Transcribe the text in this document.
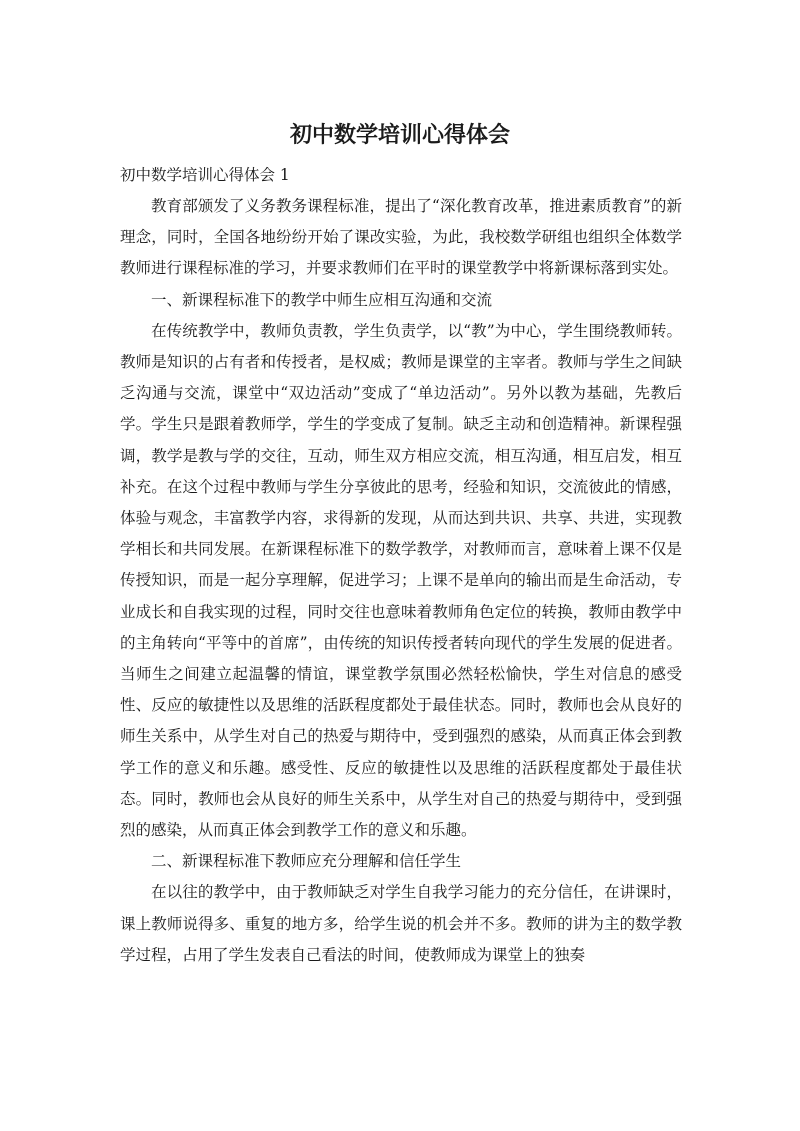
初中数学培训心得体会

初中数学培训心得体会 1

教育部颁发了义务教务课程标准，提出了“深化教育改革，推进素质教育”的新理念，同时，全国各地纷纷开始了课改实验，为此，我校数学研组也组织全体数学教师进行课程标准的学习，并要求教师们在平时的课堂教学中将新课标落到实处。

一、新课程标准下的教学中师生应相互沟通和交流

在传统教学中，教师负责教，学生负责学，以“教”为中心，学生围绕教师转。教师是知识的占有者和传授者，是权威；教师是课堂的主宰者。教师与学生之间缺乏沟通与交流，课堂中“双边活动”变成了“单边活动”。另外以教为基础，先教后学。学生只是跟着教师学，学生的学变成了复制。缺乏主动和创造精神。新课程强调，教学是教与学的交往，互动，师生双方相应交流，相互沟通，相互启发，相互补充。在这个过程中教师与学生分享彼此的思考，经验和知识，交流彼此的情感，体验与观念，丰富教学内容，求得新的发现，从而达到共识、共享、共进，实现教学相长和共同发展。在新课程标准下的数学教学，对教师而言，意味着上课不仅是传授知识，而是一起分享理解，促进学习；上课不是单向的输出而是生命活动，专业成长和自我实现的过程，同时交往也意味着教师角色定位的转换，教师由教学中的主角转向“平等中的首席”，由传统的知识传授者转向现代的学生发展的促进者。当师生之间建立起温馨的情谊，课堂教学氛围必然轻松愉快，学生对信息的感受性、反应的敏捷性以及思维的活跃程度都处于最佳状态。同时，教师也会从良好的师生关系中，从学生对自己的热爱与期待中，受到强烈的感染，从而真正体会到教学工作的意义和乐趣。感受性、反应的敏捷性以及思维的活跃程度都处于最佳状态。同时，教师也会从良好的师生关系中，从学生对自己的热爱与期待中，受到强烈的感染，从而真正体会到教学工作的意义和乐趣。

二、新课程标准下教师应充分理解和信任学生

在以往的教学中，由于教师缺乏对学生自我学习能力的充分信任，在讲课时，课上教师说得多、重复的地方多，给学生说的机会并不多。教师的讲为主的数学教学过程，占用了学生发表自己看法的时间，使教师成为课堂上的独奏
